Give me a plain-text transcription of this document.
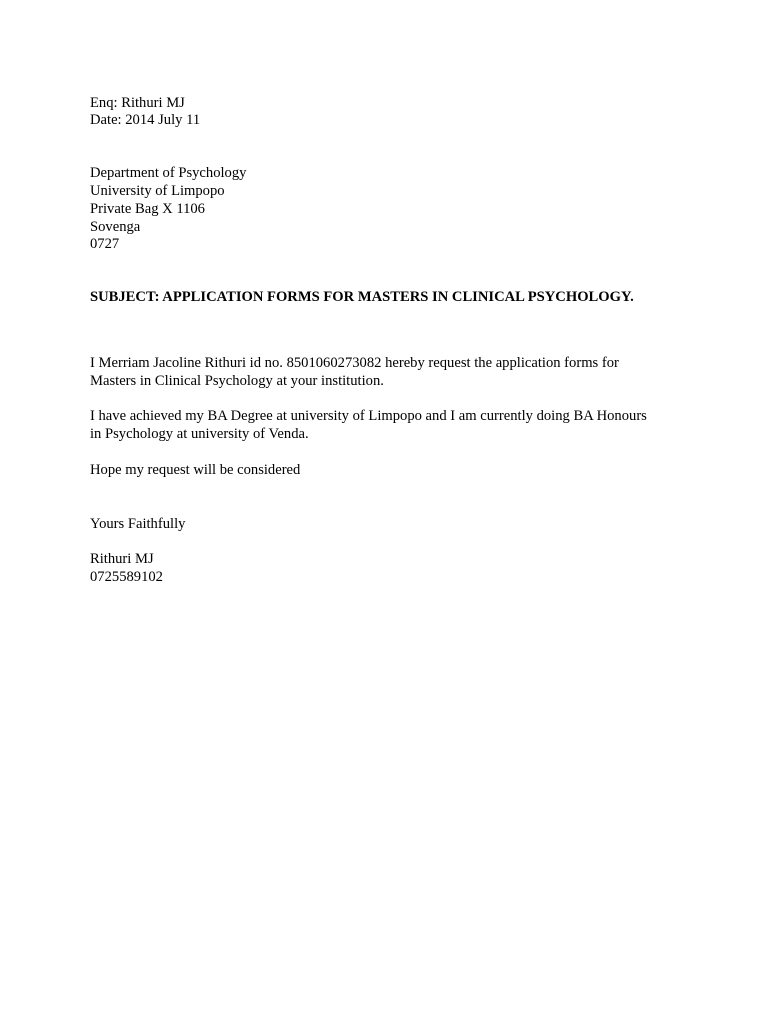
Enq: Rithuri MJ

Date: 2014 July 11

Department of Psychology

University of Limpopo

Private Bag X 1106

Sovenga

0727

SUBJECT: APPLICATION FORMS FOR MASTERS IN CLINICAL PSYCHOLOGY.

I Merriam Jacoline Rithuri id no. 8501060273082 hereby request the application forms for

Masters in Clinical Psychology at your institution.

I have achieved my BA Degree at university of Limpopo and I am currently doing BA Honours

in Psychology at university of Venda.

Hope my request will be considered

Yours Faithfully

Rithuri MJ

0725589102
